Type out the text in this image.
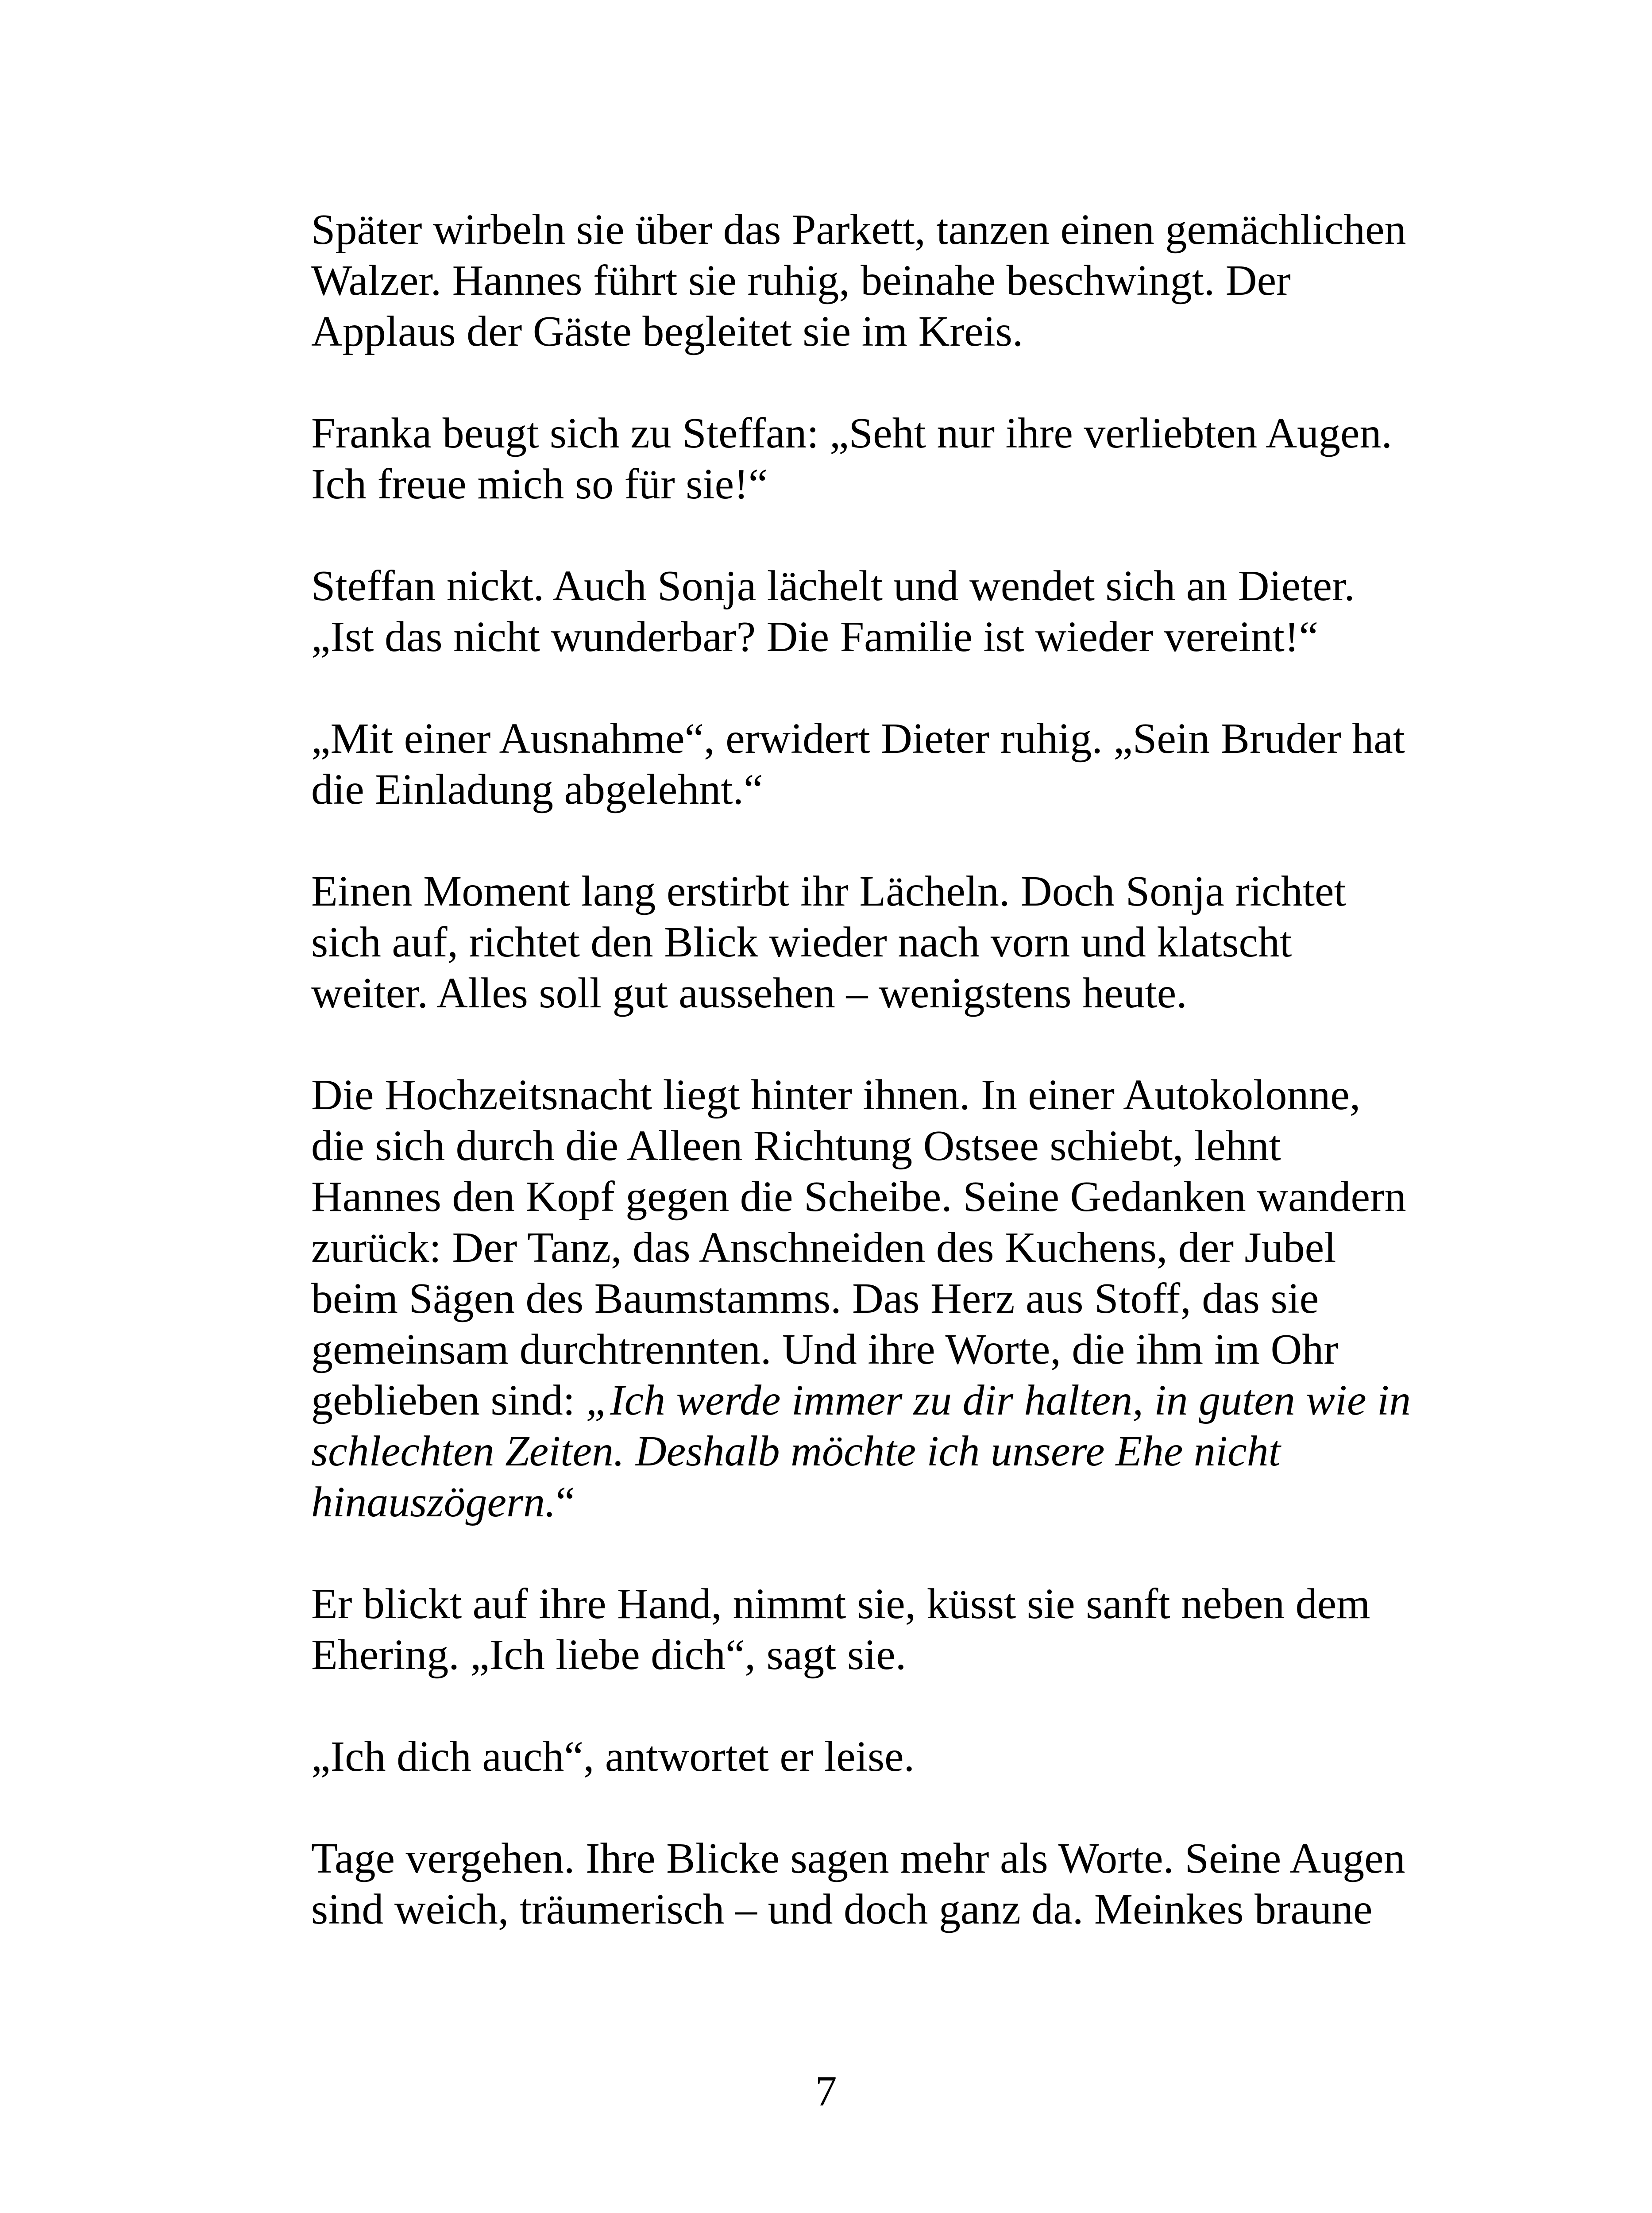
Später wirbeln sie über das Parkett, tanzen einen gemächlichen
Walzer. Hannes führt sie ruhig, beinahe beschwingt. Der
Applaus der Gäste begleitet sie im Kreis.

Franka beugt sich zu Steffan: „Seht nur ihre verliebten Augen.
Ich freue mich so für sie!“

Steffan nickt. Auch Sonja lächelt und wendet sich an Dieter.
„Ist das nicht wunderbar? Die Familie ist wieder vereint!“

„Mit einer Ausnahme“, erwidert Dieter ruhig. „Sein Bruder hat
die Einladung abgelehnt.“

Einen Moment lang erstirbt ihr Lächeln. Doch Sonja richtet
sich auf, richtet den Blick wieder nach vorn und klatscht
weiter. Alles soll gut aussehen – wenigstens heute.

Die Hochzeitsnacht liegt hinter ihnen. In einer Autokolonne,
die sich durch die Alleen Richtung Ostsee schiebt, lehnt
Hannes den Kopf gegen die Scheibe. Seine Gedanken wandern
zurück: Der Tanz, das Anschneiden des Kuchens, der Jubel
beim Sägen des Baumstamms. Das Herz aus Stoff, das sie
gemeinsam durchtrennten. Und ihre Worte, die ihm im Ohr
geblieben sind: „Ich werde immer zu dir halten, in guten wie in
schlechten Zeiten. Deshalb möchte ich unsere Ehe nicht
hinauszögern.“

Er blickt auf ihre Hand, nimmt sie, küsst sie sanft neben dem
Ehering. „Ich liebe dich“, sagt sie.

„Ich dich auch“, antwortet er leise.

Tage vergehen. Ihre Blicke sagen mehr als Worte. Seine Augen
sind weich, träumerisch – und doch ganz da. Meinkes braune

7
